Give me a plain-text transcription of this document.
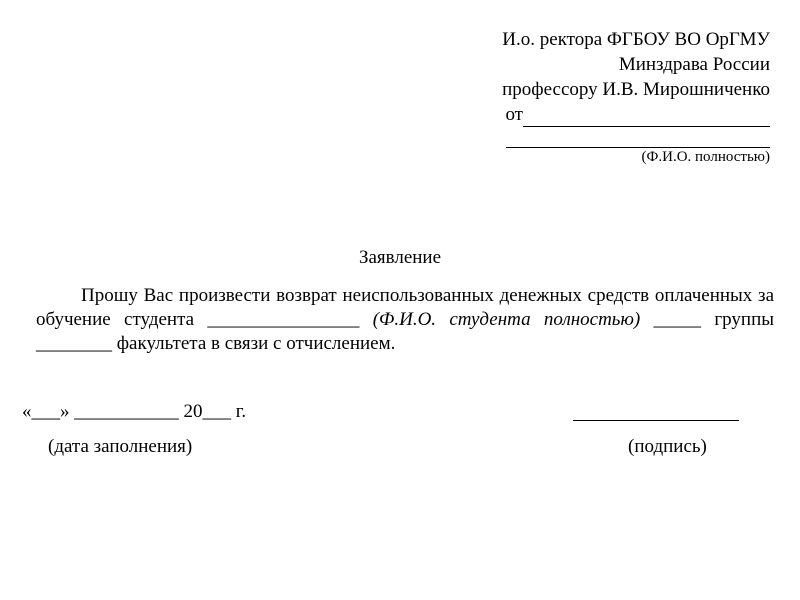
И.о. ректора ФГБОУ ВО ОрГМУ
Минздрава России
профессору И.В. Мирошниченко
от
(Ф.И.О. полностью)
Заявление
Прошу Вас произвести возврат неиспользованных денежных средств оплаченных за обучение студента ________________ (Ф.И.О. студента полностью) _____ группы ________ факультета в связи с отчислением.
«___» ___________ 20___ г.
(дата заполнения)	(подпись)
